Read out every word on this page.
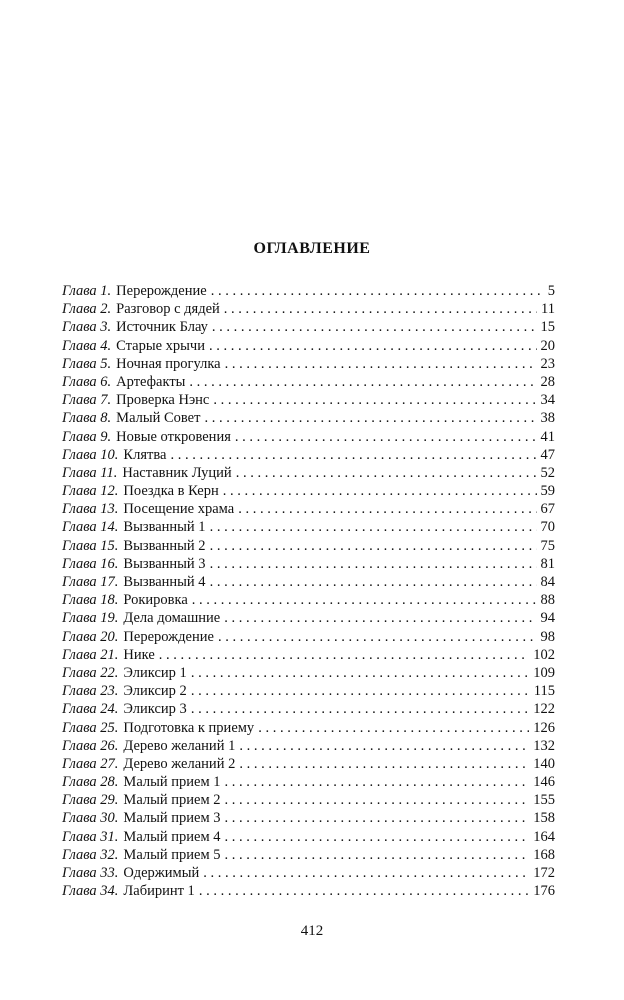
ОГЛАВЛЕНИЕ
Глава 1. Перерождение . . .	5
Глава 2. Разговор с дядей . . .	11
Глава 3. Источник Блау . . .	15
Глава 4. Старые хрычи . . .	20
Глава 5. Ночная прогулка . . .	23
Глава 6. Артефакты . . .	28
Глава 7. Проверка Нэнс . . .	34
Глава 8. Малый Совет . . .	38
Глава 9. Новые откровения . . .	41
Глава 10. Клятва . . .	47
Глава 11. Наставник Луций . . .	52
Глава 12. Поездка в Керн . . .	59
Глава 13. Посещение храма . . .	67
Глава 14. Вызванный 1 . . .	70
Глава 15. Вызванный 2 . . .	75
Глава 16. Вызванный 3 . . .	81
Глава 17. Вызванный 4 . . .	84
Глава 18. Рокировка . . .	88
Глава 19. Дела домашние . . .	94
Глава 20. Перерождение . . .	98
Глава 21. Нике . . .	102
Глава 22. Эликсир 1 . . .	109
Глава 23. Эликсир 2 . . .	115
Глава 24. Эликсир 3 . . .	122
Глава 25. Подготовка к приему . . .	126
Глава 26. Дерево желаний 1 . . .	132
Глава 27. Дерево желаний 2 . . .	140
Глава 28. Малый прием 1 . . .	146
Глава 29. Малый прием 2 . . .	155
Глава 30. Малый прием 3 . . .	158
Глава 31. Малый прием 4 . . .	164
Глава 32. Малый прием 5 . . .	168
Глава 33. Одержимый . . .	172
Глава 34. Лабиринт 1 . . .	176
412
